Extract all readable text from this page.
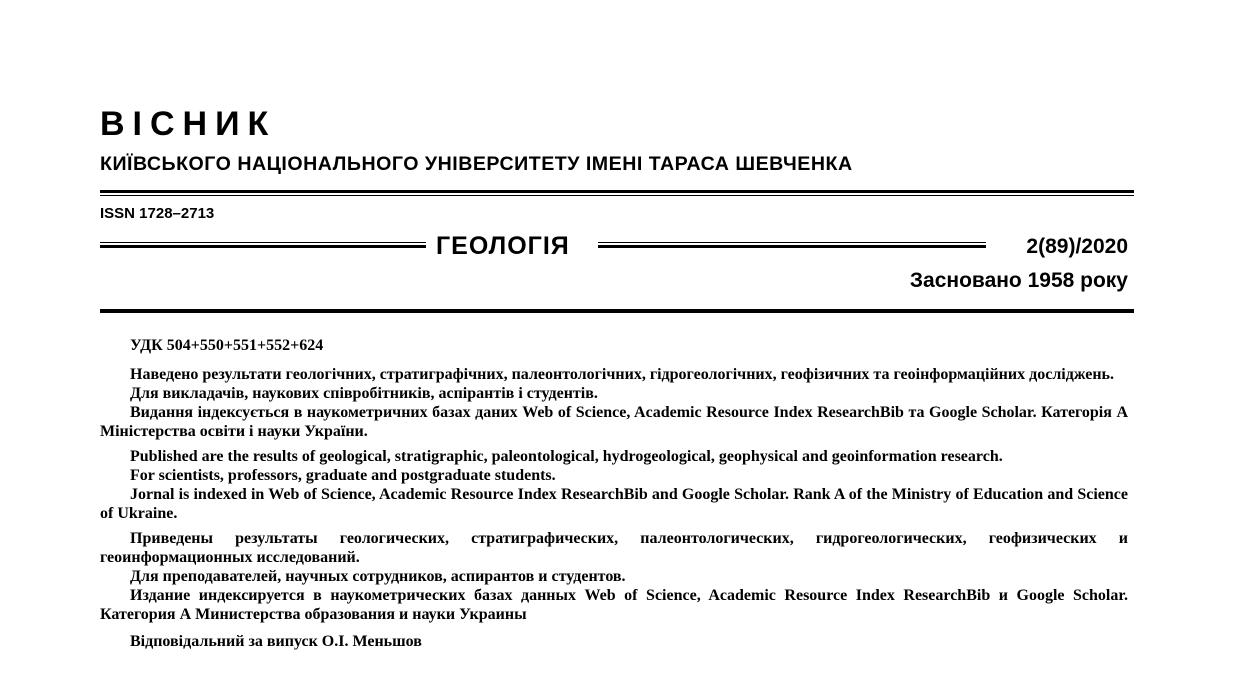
ВІСНИК
КИЇВСЬКОГО НАЦІОНАЛЬНОГО УНІВЕРСИТЕТУ ІМЕНІ ТАРАСА ШЕВЧЕНКА
ISSN 1728–2713
ГЕОЛОГІЯ	2(89)/2020
Засновано 1958 року

УДК 504+550+551+552+624

Наведено результати геологічних, стратиграфічних, палеонтологічних, гідрогеологічних, геофізичних та геоінформаційних досліджень.

Для викладачів, наукових співробітників, аспірантів і студентів.

Видання індексується в наукометричних базах даних Web of Science, Academic Resource Index ResearchBib та Google Scholar. Категорія А Міністерства освіти і науки України.

Published are the results of geological, stratigraphic, paleontological, hydrogeological, geophysical and geoinformation research.

For scientists, professors, graduate and postgraduate students.

Jornal is indexed in Web of Science, Academic Resource Index ResearchBib and Google Scholar. Rank A of the Ministry of Education and Science of Ukraine.

Приведены результаты геологических, стратиграфических, палеонтологических, гидрогеологических, геофизических и геоинформационных исследований.

Для преподавателей, научных сотрудников, аспирантов и студентов.

Издание индексируется в наукометрических базах данных Web of Science, Academic Resource Index ResearchBib и Google Scholar. Категория А Министерства образования и науки Украины

Відповідальний за випуск О.І. Меньшов
